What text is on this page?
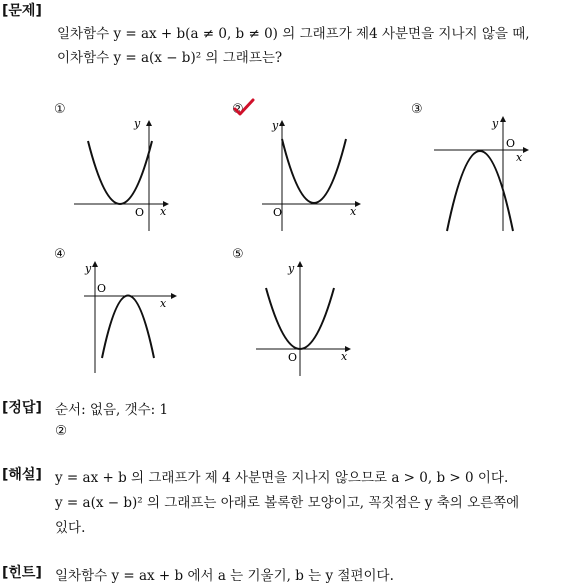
[문제]
일차함수 y = ax + b(a ≠ 0, b ≠ 0) 의 그래프가 제4 사분면을 지나지 않을 때,
이차함수 y = a(x − b)² 의 그래프는?
①	②	③
④	⑤
y
x
O
y
x
O
y
x
O
y
x
O
y
x
O
[정답] 순서: 없음, 갯수: 1
②
[해설] y = ax + b 의 그래프가 제 4 사분면을 지나지 않으므로 a > 0, b > 0 이다.
y = a(x − b)² 의 그래프는 아래로 볼록한 모양이고, 꼭짓점은 y 축의 오른쪽에
있다.
[힌트] 일차함수 y = ax + b 에서 a 는 기울기, b 는 y 절편이다.
